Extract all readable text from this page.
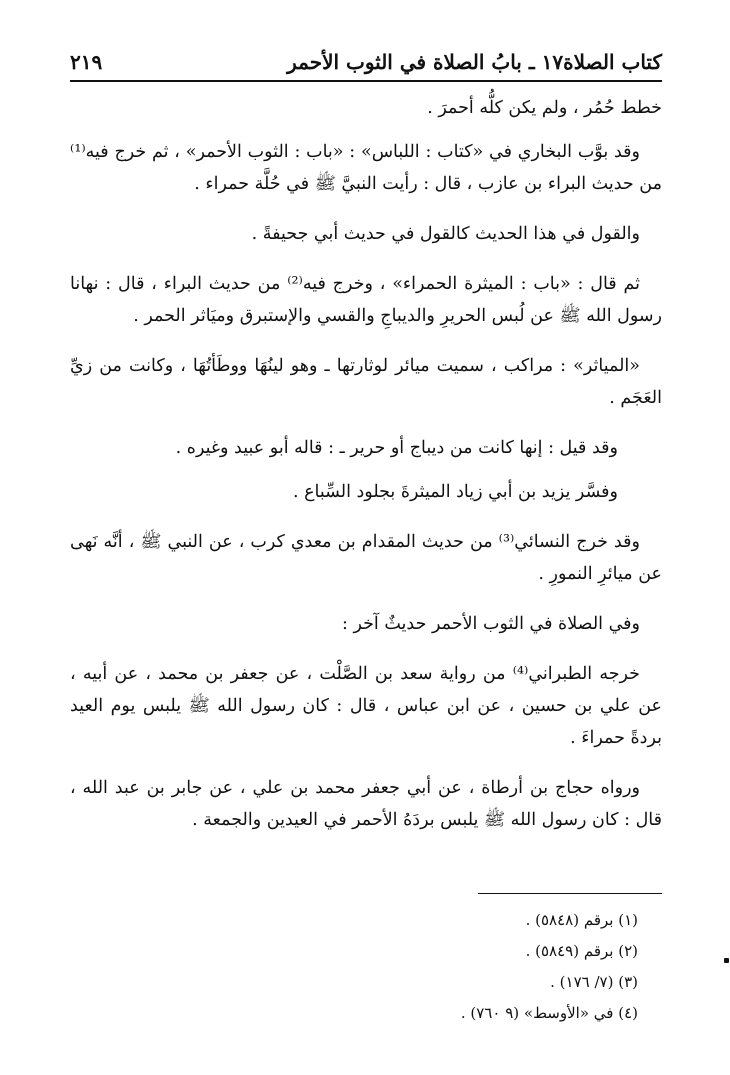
كتاب الصلاة
١٧ ـ بابُ الصلاة في الثوب الأحمر
٢١٩

خطط حُمُر ، ولم يكن كلُّه أحمرَ .

وقد بوَّب البخاري في «كتاب : اللباس» : «باب : الثوب الأحمر» ، ثم خرج فيه⁽¹⁾ من حديث البراء بن عازب ، قال : رأيت النبيَّ ﷺ في حُلَّة حمراء .

والقول في هذا الحديث كالقول في حديث أبي جحيفةً .

ثم قال : «باب : الميثرة الحمراء» ، وخرج فيه⁽²⁾ من حديث البراء ، قال : نهانا رسول الله ﷺ عن لُبس الحريرِ والديباجِ والقسي والإستبرق وميَاثر الحمر .

«المياثر» : مراكب ، سميت ميائر لوثارتها ـ وهو لينُهَا ووطَأتُهَا ، وكانت من زيِّ العَجَم .

وقد قيل : إنها كانت من ديباج أو حرير ـ : قاله أبو عبيد وغيره .

وفسَّر يزيد بن أبي زياد الميثرةَ بجلود السِّباع .

وقد خرج النسائي⁽³⁾ من حديث المقدام بن معدي كرب ، عن النبي ﷺ ، أنَّه نَهى عن ميائرِ النمورِ .

وفي الصلاة في الثوب الأحمر حديثٌ آخر :

خرجه الطبراني⁽⁴⁾ من رواية سعد بن الصَّلْت ، عن جعفر بن محمد ، عن أبيه ، عن علي بن حسين ، عن ابن عباس ، قال : كان رسول الله ﷺ يلبس يوم العيد بردةً حمراءَ .

ورواه حجاج بن أرطاة ، عن أبي جعفر محمد بن علي ، عن جابر بن عبد الله ، قال : كان رسول الله ﷺ يلبس بردَهُ الأحمر في العيدين والجمعة .

(١) برقم (٥٨٤٨) .
(٢) برقم (٥٨٤٩) .
(٣) (٧/ ١٧٦) .
(٤) في «الأوسط» (٩ ٧٦٠) .
